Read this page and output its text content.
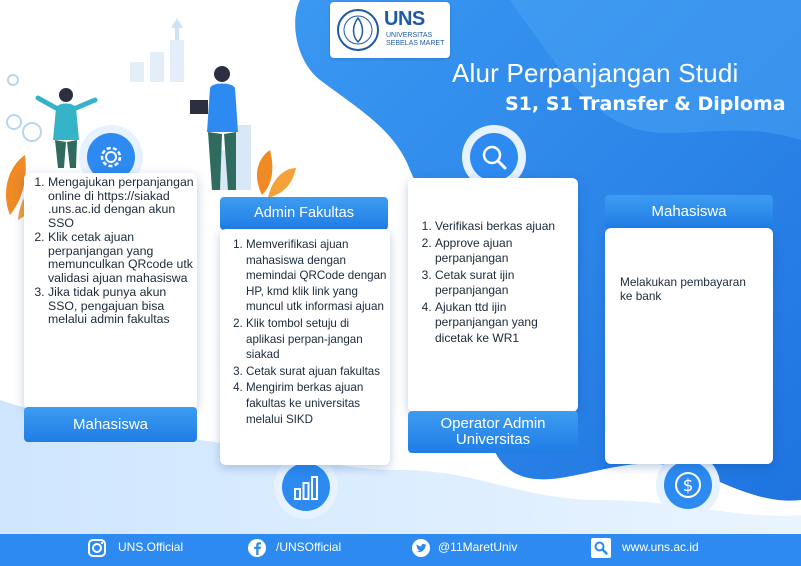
UNS
UNIVERSITAS SEBELAS MARET
Alur Perpanjangan Studi
S1, S1 Transfer & Diploma
$
1. Mengajukan perpanjangan online di https://siakad .uns.ac.id dengan akun SSO
2. Klik cetak ajuan perpanjangan yang memunculkan QRcode utk validasi ajuan mahasiswa
3. Jika tidak punya akun SSO, pengajuan bisa melalui admin fakultas
Mahasiswa
Admin Fakultas
1. Memverifikasi ajuan mahasiswa dengan memindai QRCode dengan HP, kmd klik link yang muncul utk informasi ajuan
2. Klik tombol setuju di aplikasi perpan-jangan siakad
3. Cetak surat ajuan fakultas
4. Mengirim berkas ajuan fakultas ke universitas melalui SIKD
1. Verifikasi berkas ajuan
2. Approve ajuan perpanjangan
3. Cetak surat ijin perpanjangan
4. Ajukan ttd ijin perpanjangan yang dicetak ke WR1
Operator Admin Universitas
Mahasiswa
Melakukan pembayaran ke bank
UNS.Official	/UNSOfficial	@11MaretUniv	www.uns.ac.id
